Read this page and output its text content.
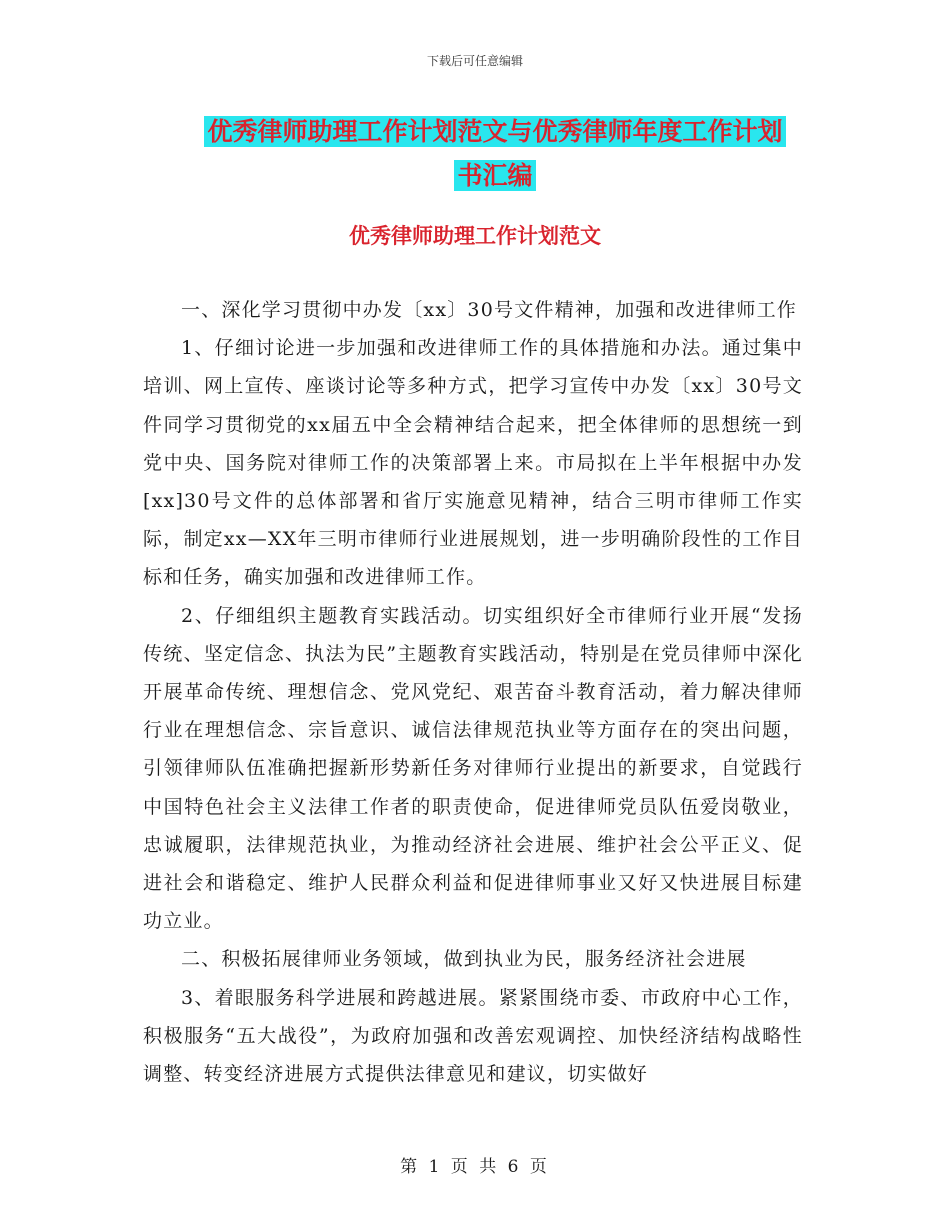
下载后可任意编辑
优秀律师助理工作计划范文与优秀律师年度工作计划
书汇编
优秀律师助理工作计划范文

一、深化学习贯彻中办发〔xx〕30号文件精神，加强和改进律师工作

1、仔细讨论进一步加强和改进律师工作的具体措施和办法。通过集中培训、网上宣传、座谈讨论等多种方式，把学习宣传中办发〔xx〕30号文件同学习贯彻党的xx届五中全会精神结合起来，把全体律师的思想统一到党中央、国务院对律师工作的决策部署上来。市局拟在上半年根据中办发[xx]30号文件的总体部署和省厅实施意见精神，结合三明市律师工作实际，制定xx—XX年三明市律师行业进展规划，进一步明确阶段性的工作目标和任务，确实加强和改进律师工作。

2、仔细组织主题教育实践活动。切实组织好全市律师行业开展“发扬传统、坚定信念、执法为民”主题教育实践活动，特别是在党员律师中深化开展革命传统、理想信念、党风党纪、艰苦奋斗教育活动，着力解决律师行业在理想信念、宗旨意识、诚信法律规范执业等方面存在的突出问题，引领律师队伍准确把握新形势新任务对律师行业提出的新要求，自觉践行中国特色社会主义法律工作者的职责使命，促进律师党员队伍爱岗敬业，忠诚履职，法律规范执业，为推动经济社会进展、维护社会公平正义、促进社会和谐稳定、维护人民群众利益和促进律师事业又好又快进展目标建功立业。

二、积极拓展律师业务领域，做到执业为民，服务经济社会进展

3、着眼服务科学进展和跨越进展。紧紧围绕市委、市政府中心工作，积极服务“五大战役”，为政府加强和改善宏观调控、加快经济结构战略性调整、转变经济进展方式提供法律意见和建议，切实做好

第 1 页 共 6 页
